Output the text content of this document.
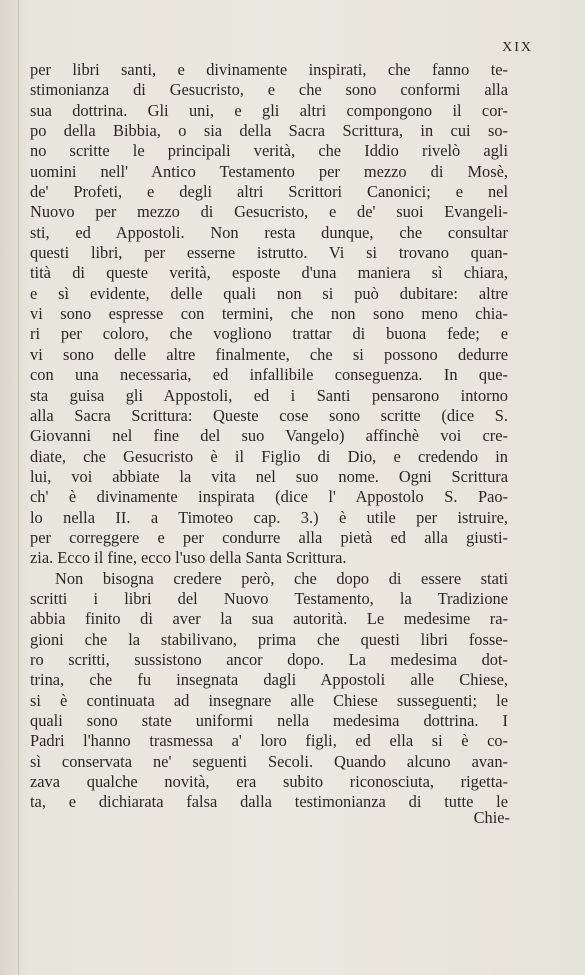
XIX
per libri santi, e divinamente inspirati, che fanno te-
stimonianza di Gesucristo, e che sono conformi alla
sua dottrina. Gli uni, e gli altri compongono il cor-
po della Bibbia, o sia della Sacra Scrittura, in cui so-
no scritte le principali verità, che Iddio rivelò agli
uomini nell' Antico Testamento per mezzo di Mosè,
de' Profeti, e degli altri Scrittori Canonici; e nel
Nuovo per mezzo di Gesucristo, e de' suoi Evangeli-
sti, ed Appostoli. Non resta dunque, che consultar
questi libri, per esserne istrutto. Vi si trovano quan-
tità di queste verità, esposte d'una maniera sì chiara,
e sì evidente, delle quali non si può dubitare: altre
vi sono espresse con termini, che non sono meno chia-
ri per coloro, che vogliono trattar di buona fede; e
vi sono delle altre finalmente, che si possono dedurre
con una necessaria, ed infallibile conseguenza. In que-
sta guisa gli Appostoli, ed i Santi pensarono intorno
alla Sacra Scrittura: Queste cose sono scritte (dice S.
Giovanni nel fine del suo Vangelo) affinchè voi cre-
diate, che Gesucristo è il Figlio di Dio, e credendo in
lui, voi abbiate la vita nel suo nome. Ogni Scrittura
ch' è divinamente inspirata (dice l' Appostolo S. Pao-
lo nella II. a Timoteo cap. 3.) è utile per istruire,
per correggere e per condurre alla pietà ed alla giusti-
zia. Ecco il fine, ecco l'uso della Santa Scrittura.
Non bisogna credere però, che dopo di essere stati
scritti i libri del Nuovo Testamento, la Tradizione
abbia finito di aver la sua autorità. Le medesime ra-
gioni che la stabilivano, prima che questi libri fosse-
ro scritti, sussistono ancor dopo. La medesima dot-
trina, che fu insegnata dagli Appostoli alle Chiese,
si è continuata ad insegnare alle Chiese susseguenti; le
quali sono state uniformi nella medesima dottrina. I
Padri l'hanno trasmessa a' loro figli, ed ella si è co-
sì conservata ne' seguenti Secoli. Quando alcuno avan-
zava qualche novità, era subito riconosciuta, rigetta-
ta, e dichiarata falsa dalla testimonianza di tutte le
Chie-
